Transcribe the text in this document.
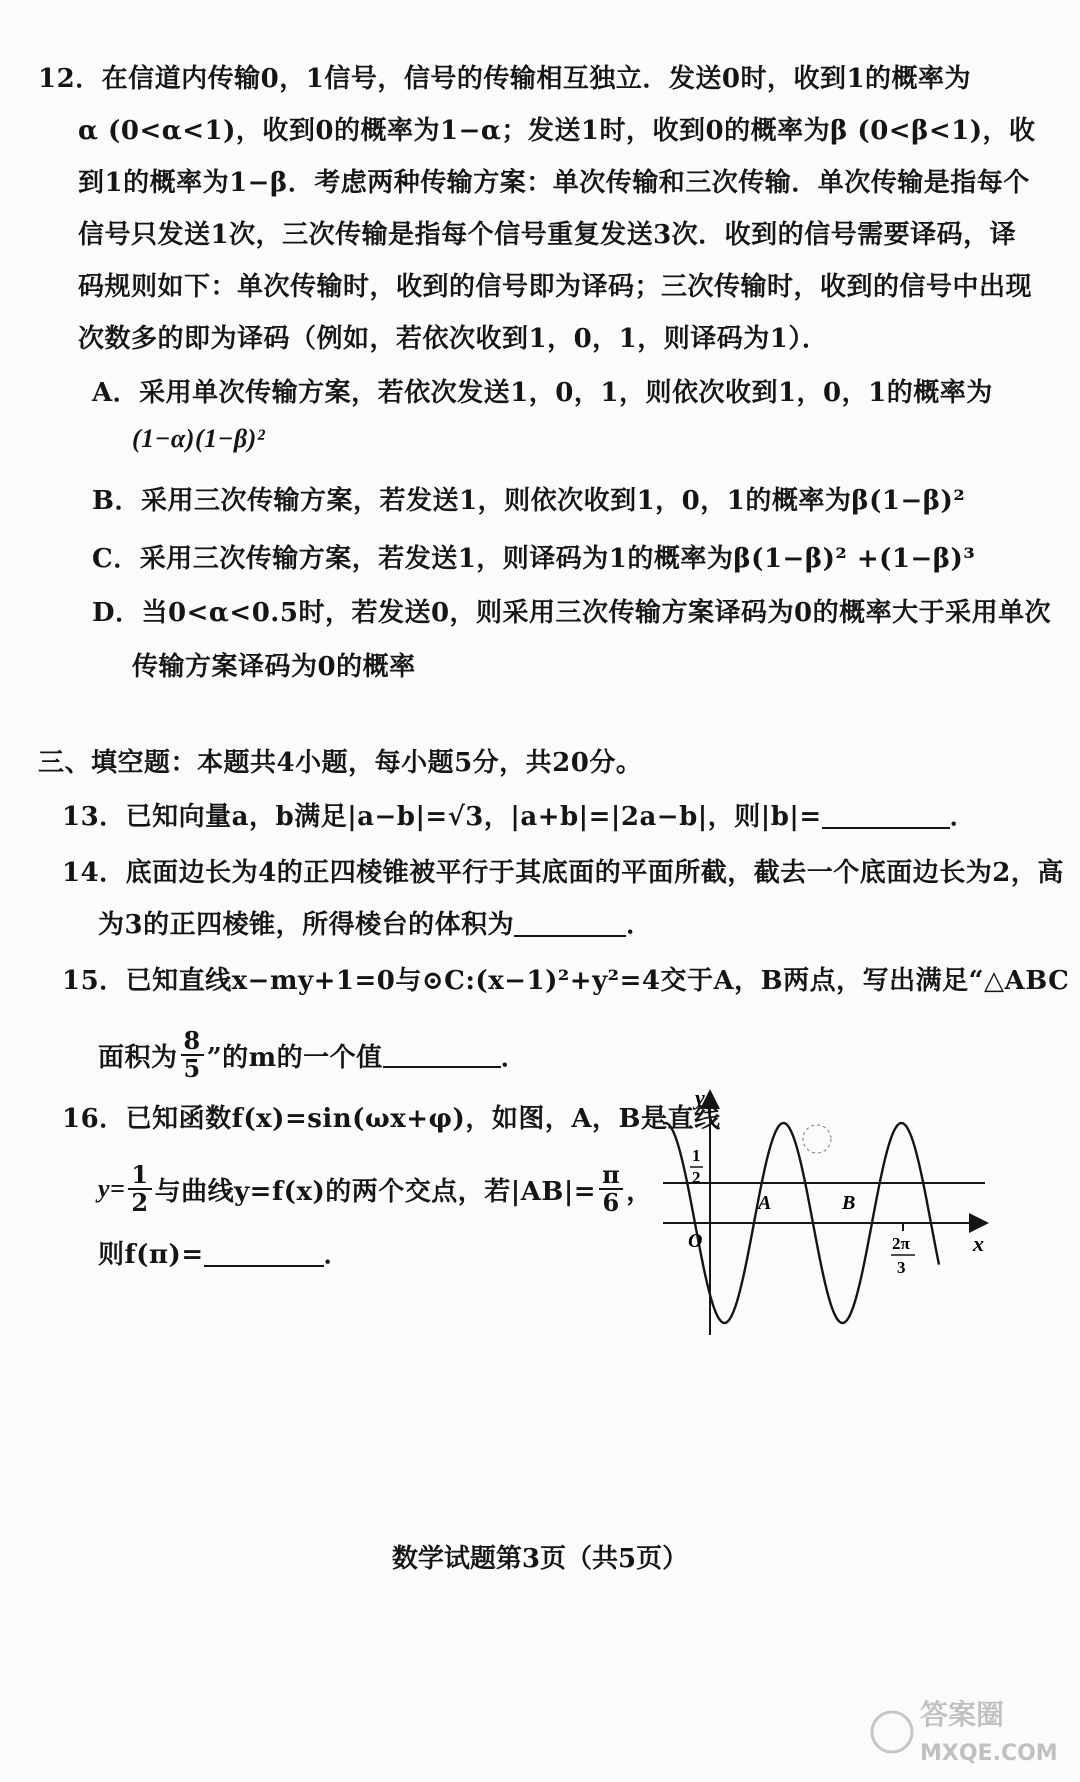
12．在信道内传输0，1信号，信号的传输相互独立．发送0时，收到1的概率为
α (0<α<1)，收到0的概率为1−α；发送1时，收到0的概率为β (0<β<1)，收
到1的概率为1−β．考虑两种传输方案：单次传输和三次传输．单次传输是指每个
信号只发送1次，三次传输是指每个信号重复发送3次．收到的信号需要译码，译
码规则如下：单次传输时，收到的信号即为译码；三次传输时，收到的信号中出现
次数多的即为译码（例如，若依次收到1，0，1，则译码为1）．
A．采用单次传输方案，若依次发送1，0，1，则依次收到1，0，1的概率为
(1−α)(1−β)²
B．采用三次传输方案，若发送1，则依次收到1，0，1的概率为β(1−β)²
C．采用三次传输方案，若发送1，则译码为1的概率为β(1−β)² +(1−β)³
D．当0<α<0.5时，若发送0，则采用三次传输方案译码为0的概率大于采用单次
传输方案译码为0的概率
三、填空题：本题共4小题，每小题5分，共20分。
13．已知向量a，b满足|a−b|=√3，|a+b|=|2a−b|，则|b|=	．
14．底面边长为4的正四棱锥被平行于其底面的平面所截，截去一个底面边长为2，高
为3的正四棱锥，所得棱台的体积为	．
15．已知直线x−my+1=0与⊙C:(x−1)²+y²=4交于A，B两点，写出满足“△ABC
面积为 $\frac{8}{5}$ ”的m的一个值	．
16．已知函数f(x)=sin(ωx+φ)，如图，A，B是直线
$y= \frac{1}{2}$ 与曲线y=f(x)的两个交点，若$|AB|= \frac{\pi}{6}$ ，
则f(π)=	．
y
x
O
1
2
A	B
2π
3
数学试题第3页（共5页）
答案圈
MXQE.COM
